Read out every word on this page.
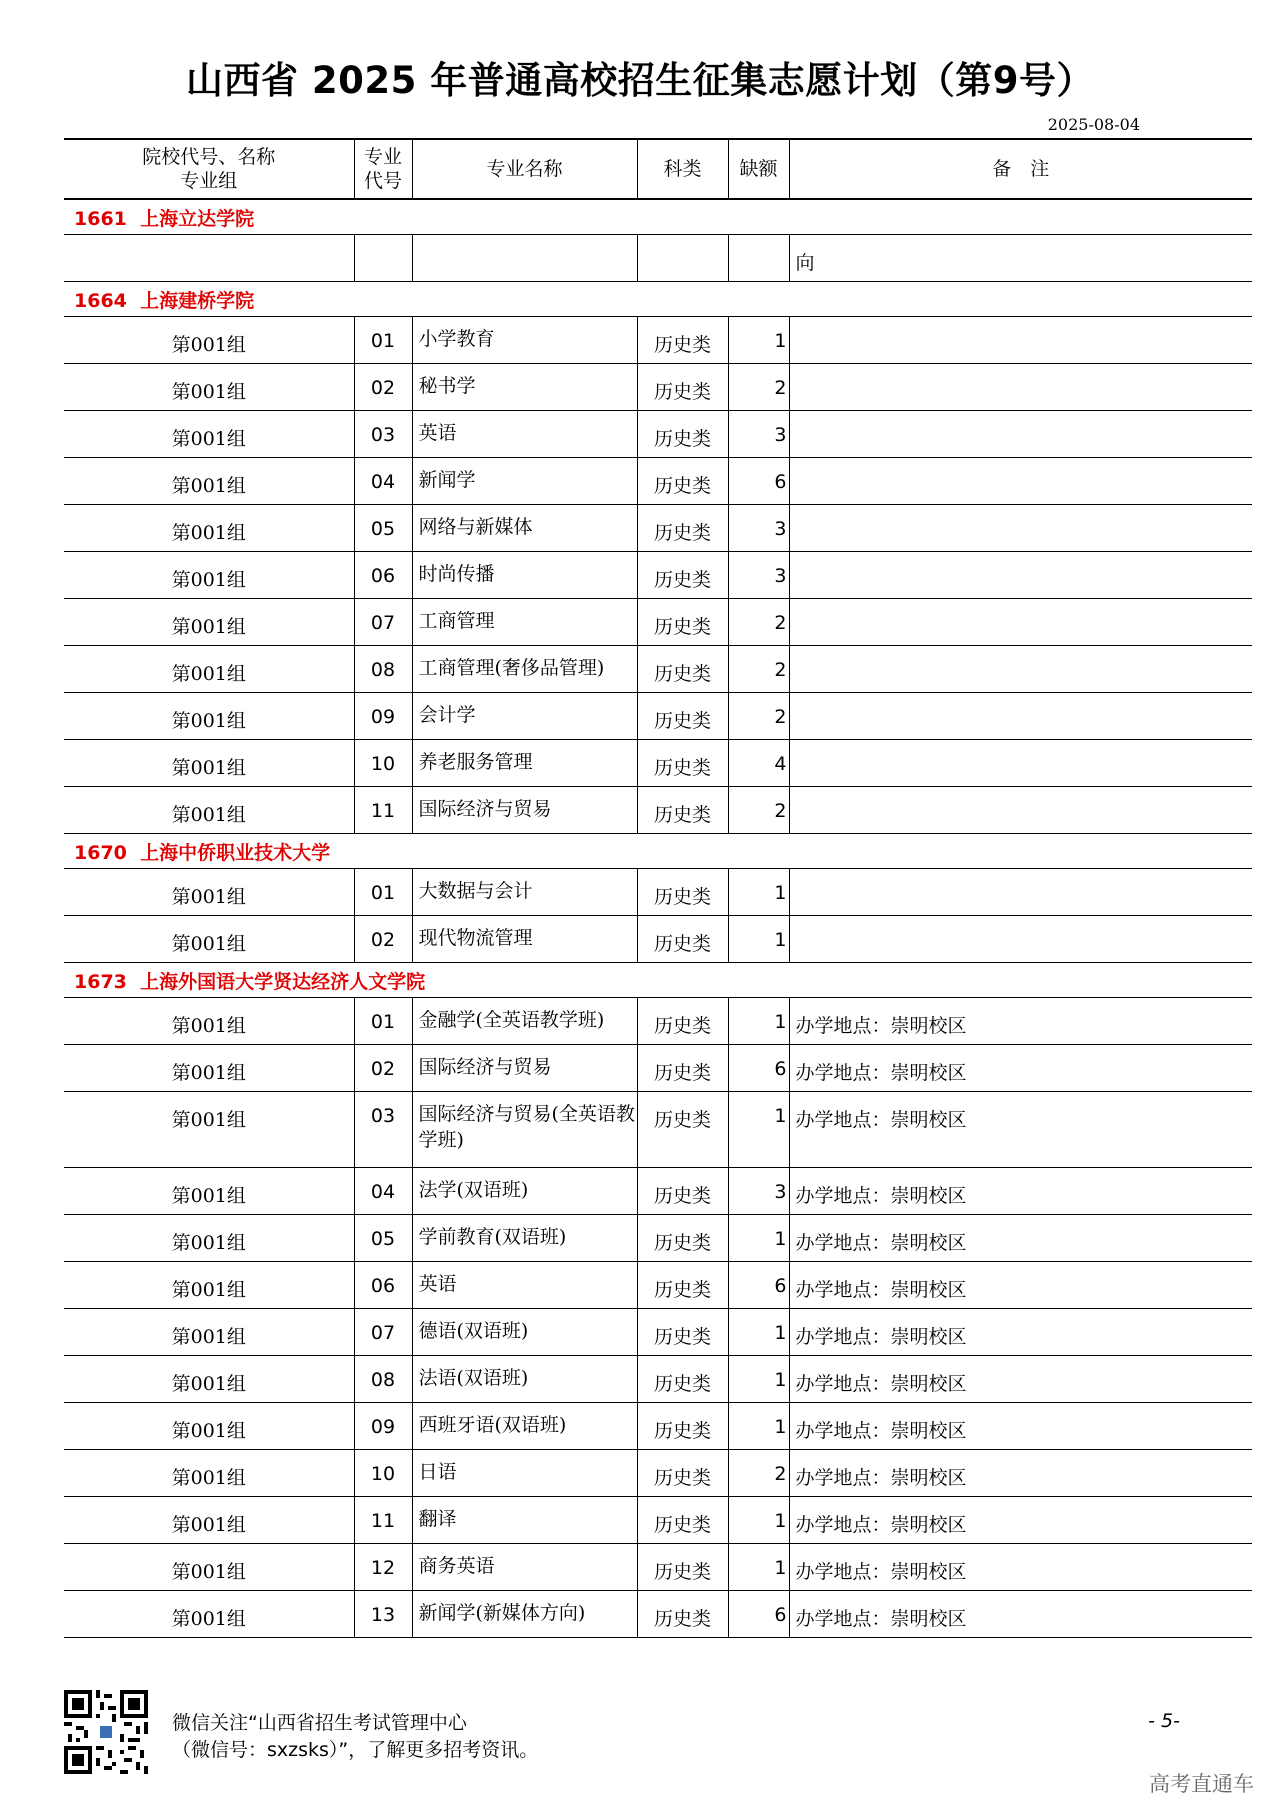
山西省 2025 年普通高校招生征集志愿计划（第9号）
2025-08-04
院校代号、名称
专业组	专业
代号	专业名称	科类	缺额	备　注
1661  上海立达学院					
					向
1664  上海建桥学院					
第001组	01	小学教育	历史类	1	
第001组	02	秘书学	历史类	2	
第001组	03	英语	历史类	3	
第001组	04	新闻学	历史类	6	
第001组	05	网络与新媒体	历史类	3	
第001组	06	时尚传播	历史类	3	
第001组	07	工商管理	历史类	2	
第001组	08	工商管理(奢侈品管理)	历史类	2	
第001组	09	会计学	历史类	2	
第001组	10	养老服务管理	历史类	4	
第001组	11	国际经济与贸易	历史类	2	
1670  上海中侨职业技术大学					
第001组	01	大数据与会计	历史类	1	
第001组	02	现代物流管理	历史类	1	
1673  上海外国语大学贤达经济人文学院					
第001组	01	金融学(全英语教学班)	历史类	1	办学地点：崇明校区
第001组	02	国际经济与贸易	历史类	6	办学地点：崇明校区
第001组	03	国际经济与贸易(全英语教学班)	历史类	1	办学地点：崇明校区
第001组	04	法学(双语班)	历史类	3	办学地点：崇明校区
第001组	05	学前教育(双语班)	历史类	1	办学地点：崇明校区
第001组	06	英语	历史类	6	办学地点：崇明校区
第001组	07	德语(双语班)	历史类	1	办学地点：崇明校区
第001组	08	法语(双语班)	历史类	1	办学地点：崇明校区
第001组	09	西班牙语(双语班)	历史类	1	办学地点：崇明校区
第001组	10	日语	历史类	2	办学地点：崇明校区
第001组	11	翻译	历史类	1	办学地点：崇明校区
第001组	12	商务英语	历史类	1	办学地点：崇明校区
第001组	13	新闻学(新媒体方向)	历史类	6	办学地点：崇明校区
微信关注“山西省招生考试管理中心
（微信号：sxzsks）”，了解更多招考资讯。
- 5-
高考直通车
